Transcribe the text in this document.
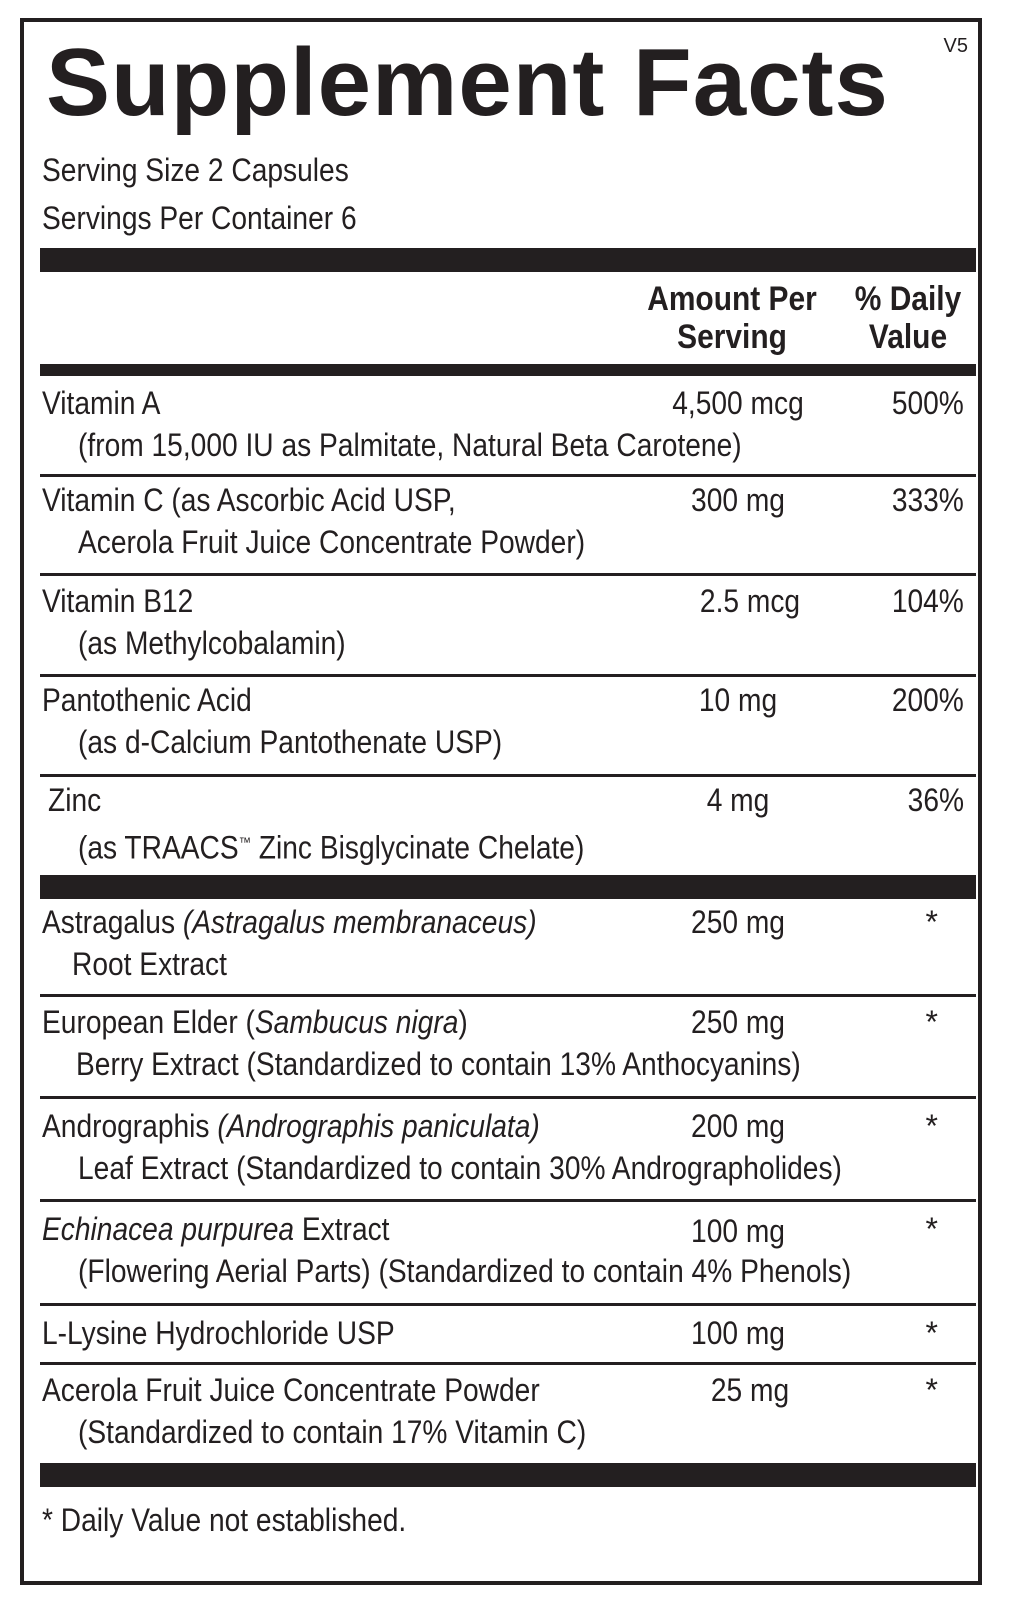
Supplement Facts	V5
Serving Size 2 Capsules
Servings Per Container 6
Amount Per
Serving
% Daily
Value
Vitamin A
(from 15,000 IU as Palmitate, Natural Beta Carotene)
4,500 mcg	500%
Vitamin C (as Ascorbic Acid USP,
Acerola Fruit Juice Concentrate Powder)
300 mg	333%
Vitamin B12
(as Methylcobalamin)
2.5 mcg	104%
Pantothenic Acid
(as d-Calcium Pantothenate USP)
10 mg	200%
Zinc
(as TRAACS™ Zinc Bisglycinate Chelate)
4 mg	36%
Astragalus (Astragalus membranaceus)
Root Extract
250 mg	*
European Elder (Sambucus nigra)
Berry Extract (Standardized to contain 13% Anthocyanins)
250 mg	*
Andrographis (Andrographis paniculata)
Leaf Extract (Standardized to contain 30% Andrographolides)
200 mg	*
Echinacea purpurea Extract
(Flowering Aerial Parts) (Standardized to contain 4% Phenols)
100 mg	*
L-Lysine Hydrochloride USP	100 mg	*
Acerola Fruit Juice Concentrate Powder
(Standardized to contain 17% Vitamin C)
25 mg	*
* Daily Value not established.
